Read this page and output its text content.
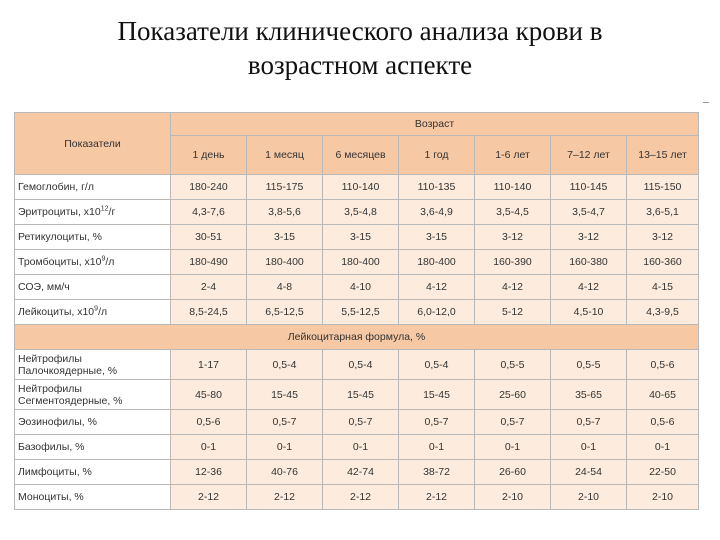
Показатели клинического анализа крови в
возрастном аспекте
Показатели	Возраст						
	1 день	1 месяц	6 месяцев	1 год	1-6 лет	7–12 лет	13–15 лет
Гемоглобин, г/л	180-240	115-175	110-140	110-135	110-140	110-145	115-150
Эритроциты, $x10^{12}/г$	4,3-7,6	3,8-5,6	3,5-4,8	3,6-4,9	3,5-4,5	3,5-4,7	3,6-5,1
Ретикулоциты, %	30-51	3-15	3-15	3-15	3-12	3-12	3-12
Тромбоциты, $x10^9/л$	180-490	180-400	180-400	180-400	160-390	160-380	160-360
СОЭ, мм/ч	2-4	4-8	4-10	4-12	4-12	4-12	4-15
Лейкоциты, $x10^9/л$	8,5-24,5	6,5-12,5	5,5-12,5	6,0-12,0	5-12	4,5-10	4,3-9,5
Лейкоцитарная формула, %							
Нейтрофилы Палочкоядерные, %	1-17	0,5-4	0,5-4	0,5-4	0,5-5	0,5-5	0,5-6
Нейтрофилы Сегментоядерные, %	45-80	15-45	15-45	15-45	25-60	35-65	40-65
Эозинофилы, %	0,5-6	0,5-7	0,5-7	0,5-7	0,5-7	0,5-7	0,5-6
Базофилы, %	0-1	0-1	0-1	0-1	0-1	0-1	0-1
Лимфоциты, %	12-36	40-76	42-74	38-72	26-60	24-54	22-50
Моноциты, %	2-12	2-12	2-12	2-12	2-10	2-10	2-10
